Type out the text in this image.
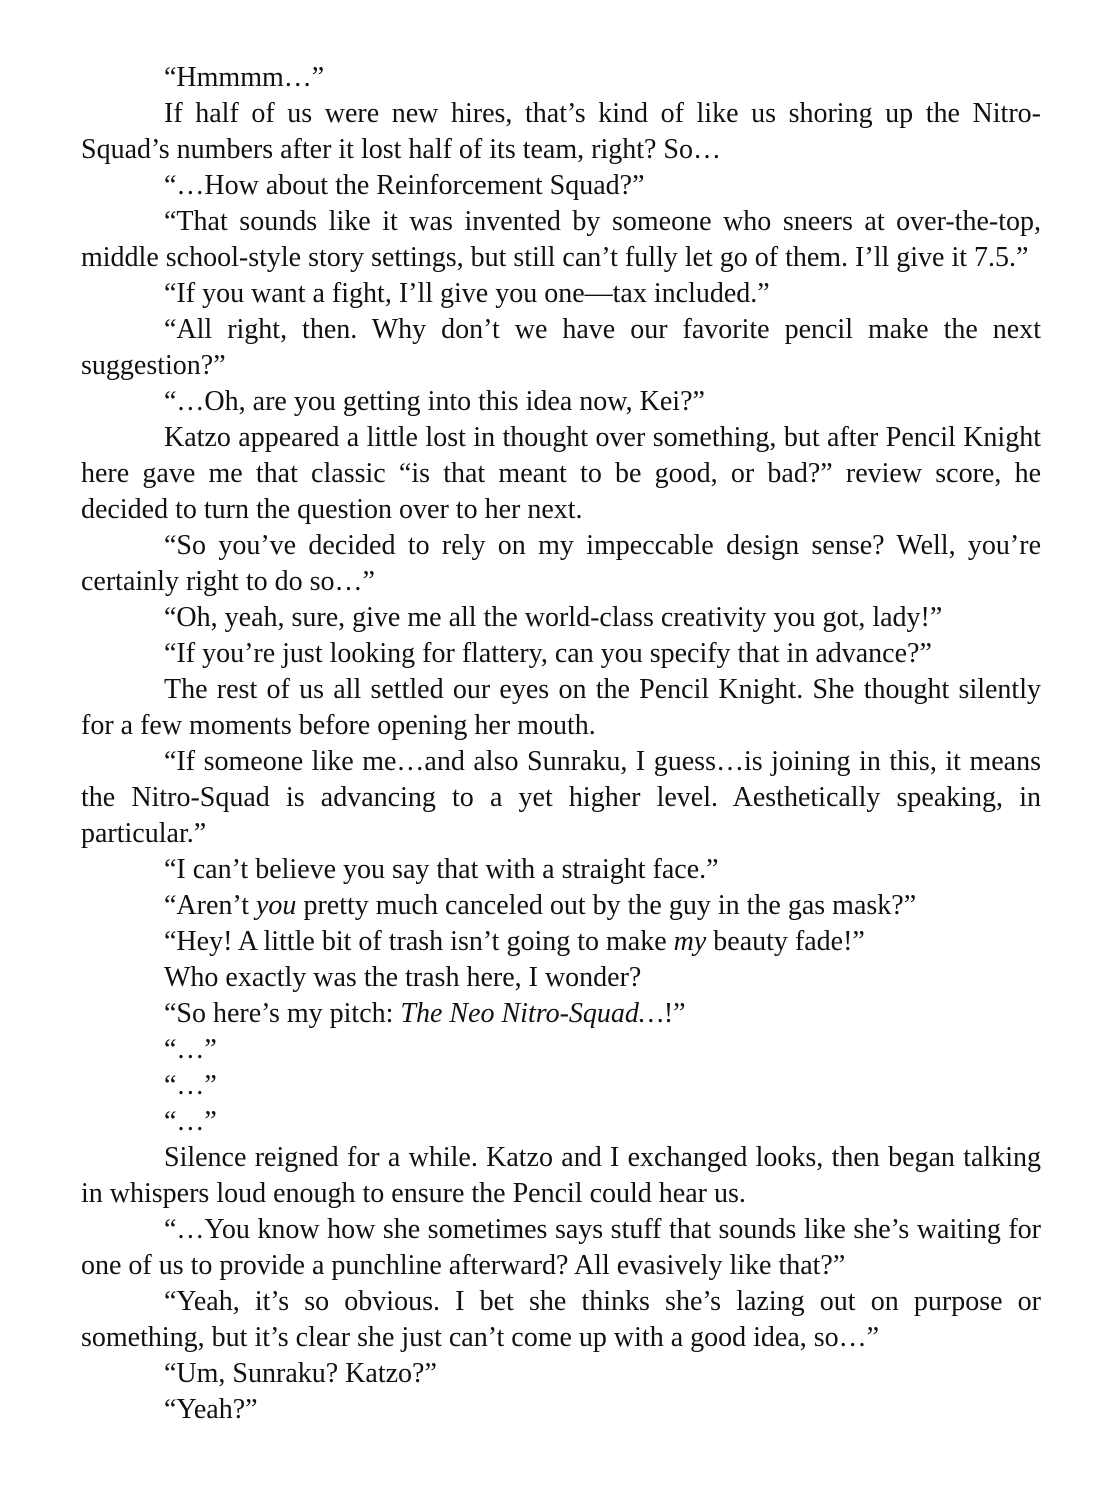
“Hmmmm…”

If half of us were new hires, that’s kind of like us shoring up the Nitro-Squad’s numbers after it lost half of its team, right? So…

“…How about the Reinforcement Squad?”

“That sounds like it was invented by someone who sneers at over-the-top, middle school-style story settings, but still can’t fully let go of them. I’ll give it 7.5.”

“If you want a fight, I’ll give you one—tax included.”

“All right, then. Why don’t we have our favorite pencil make the next suggestion?”

“…Oh, are you getting into this idea now, Kei?”

Katzo appeared a little lost in thought over something, but after Pencil Knight here gave me that classic “is that meant to be good, or bad?” review score, he decided to turn the question over to her next.

“So you’ve decided to rely on my impeccable design sense? Well, you’re certainly right to do so…”

“Oh, yeah, sure, give me all the world-class creativity you got, lady!”

“If you’re just looking for flattery, can you specify that in advance?”

The rest of us all settled our eyes on the Pencil Knight. She thought silently for a few moments before opening her mouth.

“If someone like me…and also Sunraku, I guess…is joining in this, it means the Nitro-Squad is advancing to a yet higher level. Aesthetically speaking, in particular.”

“I can’t believe you say that with a straight face.”

“Aren’t you pretty much canceled out by the guy in the gas mask?”

“Hey! A little bit of trash isn’t going to make my beauty fade!”

Who exactly was the trash here, I wonder?

“So here’s my pitch: The Neo Nitro-Squad…!”

“…”

“…”

“…”

Silence reigned for a while. Katzo and I exchanged looks, then began talking in whispers loud enough to ensure the Pencil could hear us.

“…You know how she sometimes says stuff that sounds like she’s waiting for one of us to provide a punchline afterward? All evasively like that?”

“Yeah, it’s so obvious. I bet she thinks she’s lazing out on purpose or something, but it’s clear she just can’t come up with a good idea, so…”

“Um, Sunraku? Katzo?”

“Yeah?”
